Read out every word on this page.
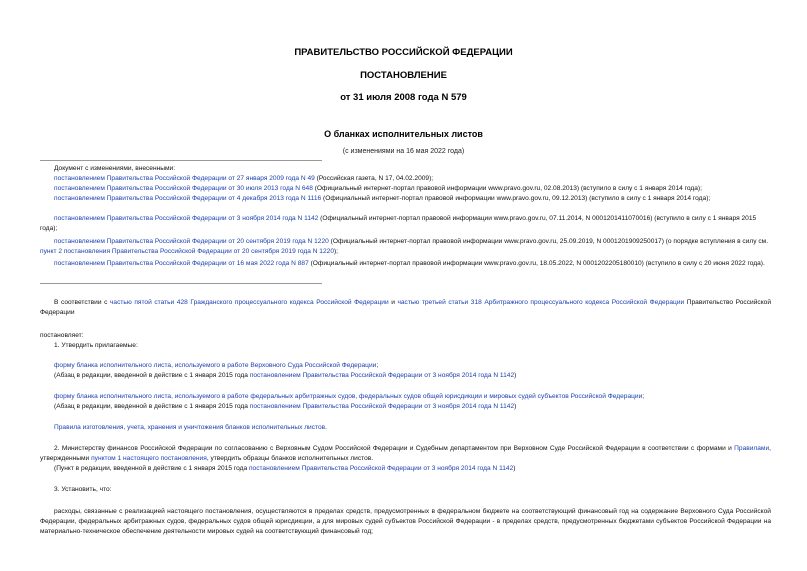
ПРАВИТЕЛЬСТВО РОССИЙСКОЙ ФЕДЕРАЦИИ
ПОСТАНОВЛЕНИЕ
от 31 июля 2008 года N 579
О бланках исполнительных листов
(с изменениями на 16 мая 2022 года)
Документ с изменениями, внесенными:
постановлением Правительства Российской Федерации от 27 января 2009 года N 49 (Российская газета, N 17, 04.02.2009);
постановлением Правительства Российской Федерации от 30 июля 2013 года N 648 (Официальный интернет-портал правовой информации www.pravo.gov.ru, 02.08.2013) (вступило в силу с 1 января 2014 года);
постановлением Правительства Российской Федерации от 4 декабря 2013 года N 1116 (Официальный интернет-портал правовой информации www.pravo.gov.ru, 09.12.2013) (вступило в силу с 1 января 2014 года);
постановлением Правительства Российской Федерации от 3 ноября 2014 года N 1142 (Официальный интернет-портал правовой информации www.pravo.gov.ru, 07.11.2014, N 0001201411070016) (вступило в силу с 1 января 2015 года);
постановлением Правительства Российской Федерации от 20 сентября 2019 года N 1220 (Официальный интернет-портал правовой информации www.pravo.gov.ru, 25.09.2019, N 0001201909250017) (о порядке вступления в силу см. пункт 2 постановления Правительства Российской Федерации от 20 сентября 2019 года N 1220);
постановлением Правительства Российской Федерации от 16 мая 2022 года N 887 (Официальный интернет-портал правовой информации www.pravo.gov.ru, 18.05.2022, N 0001202205180010) (вступило в силу с 20 июня 2022 года).
В соответствии с частью пятой статьи 428 Гражданского процессуального кодекса Российской Федерации и частью третьей статьи 318 Арбитражного процессуального кодекса Российской Федерации Правительство Российской Федерации
постановляет:
1. Утвердить прилагаемые:
форму бланка исполнительного листа, используемого в работе Верховного Суда Российской Федерации;
(Абзац в редакции, введенной в действие с 1 января 2015 года постановлением Правительства Российской Федерации от 3 ноября 2014 года N 1142)
форму бланка исполнительного листа, используемого в работе федеральных арбитражных судов, федеральных судов общей юрисдикции и мировых судей субъектов Российской Федерации;
(Абзац в редакции, введенной в действие с 1 января 2015 года постановлением Правительства Российской Федерации от 3 ноября 2014 года N 1142)
Правила изготовления, учета, хранения и уничтожения бланков исполнительных листов.
2. Министерству финансов Российской Федерации по согласованию с Верховным Судом Российской Федерации и Судебным департаментом при Верховном Суде Российской Федерации в соответствии с формами и Правилами, утвержденными пунктом 1 настоящего постановления, утвердить образцы бланков исполнительных листов.
(Пункт в редакции, введенной в действие с 1 января 2015 года постановлением Правительства Российской Федерации от 3 ноября 2014 года N 1142)
3. Установить, что:
расходы, связанные с реализацией настоящего постановления, осуществляются в пределах средств, предусмотренных в федеральном бюджете на соответствующий финансовый год на содержание Верховного Суда Российской Федерации, федеральных арбитражных судов, федеральных судов общей юрисдикции, а для мировых судей субъектов Российской Федерации - в пределах средств, предусмотренных бюджетами субъектов Российской Федерации на материально-техническое обеспечение деятельности мировых судей на соответствующий финансовый год;
